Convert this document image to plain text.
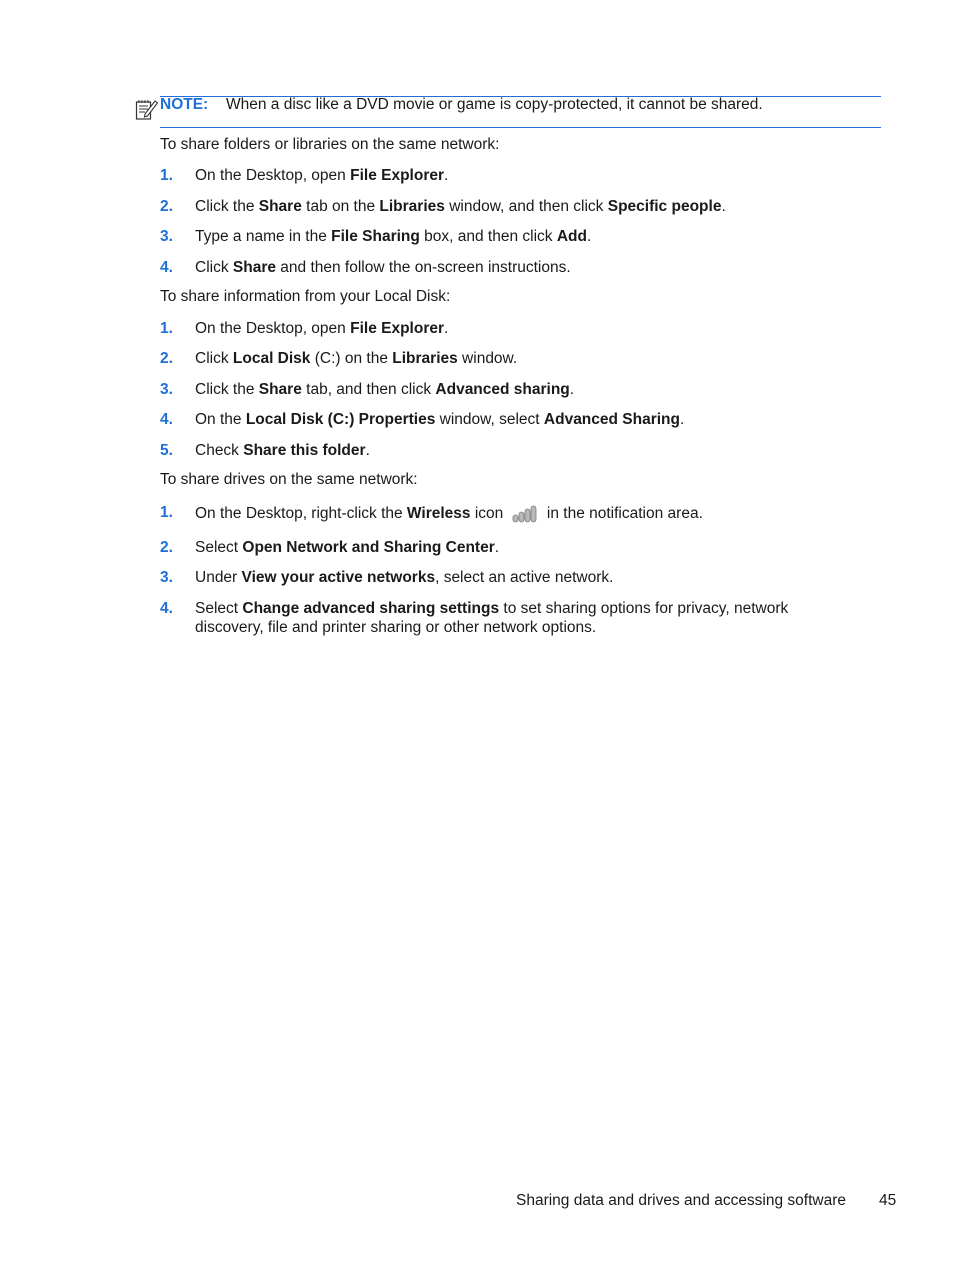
NOTE: When a disc like a DVD movie or game is copy-protected, it cannot be shared.
To share folders or libraries on the same network:
1. On the Desktop, open File Explorer.
2. Click the Share tab on the Libraries window, and then click Specific people.
3. Type a name in the File Sharing box, and then click Add.
4. Click Share and then follow the on-screen instructions.
To share information from your Local Disk:
1. On the Desktop, open File Explorer.
2. Click Local Disk (C:) on the Libraries window.
3. Click the Share tab, and then click Advanced sharing.
4. On the Local Disk (C:) Properties window, select Advanced Sharing.
5. Check Share this folder.
To share drives on the same network:
1. On the Desktop, right-click the Wireless icon  in the notification area.
2. Select Open Network and Sharing Center.
3. Under View your active networks, select an active network.
4. Select Change advanced sharing settings to set sharing options for privacy, network discovery, file and printer sharing or other network options.
Sharing data and drives and accessing software 45
